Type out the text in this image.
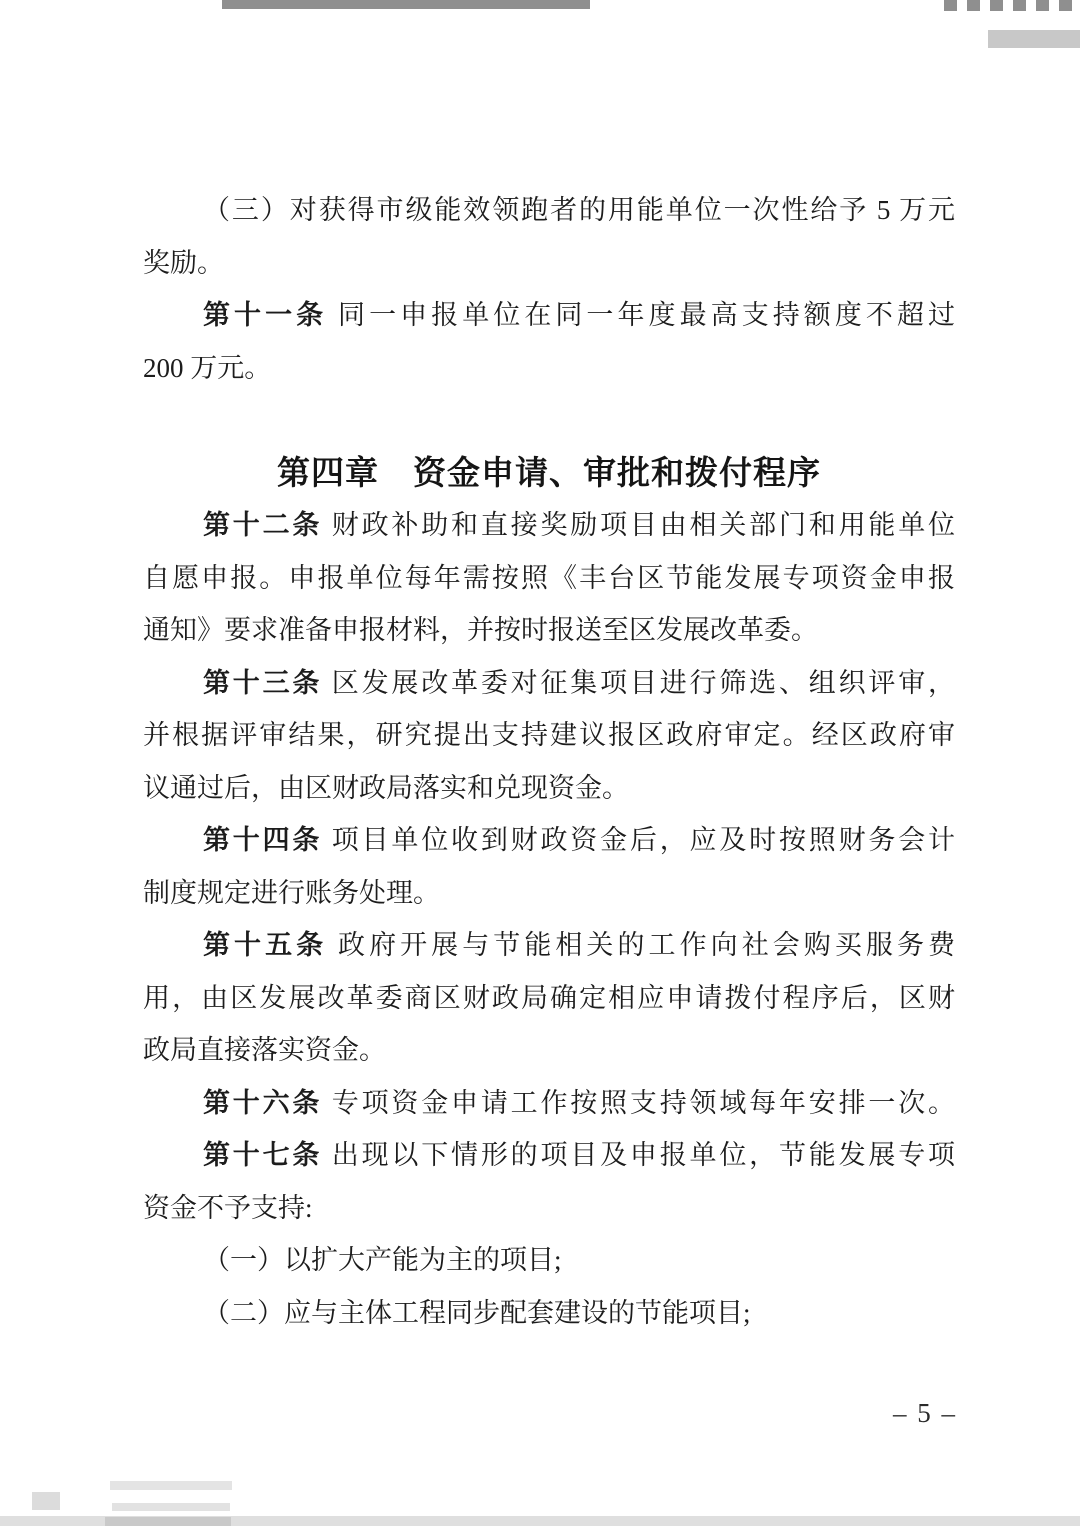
（三）对获得市级能效领跑者的用能单位一次性给予 5 万元
奖励。
第十一条 同一申报单位在同一年度最高支持额度不超过
200 万元。
第四章　资金申请、审批和拨付程序
第十二条 财政补助和直接奖励项目由相关部门和用能单位
自愿申报。申报单位每年需按照《丰台区节能发展专项资金申报
通知》要求准备申报材料，并按时报送至区发展改革委。
第十三条 区发展改革委对征集项目进行筛选、组织评审，
并根据评审结果，研究提出支持建议报区政府审定。经区政府审
议通过后，由区财政局落实和兑现资金。
第十四条 项目单位收到财政资金后，应及时按照财务会计
制度规定进行账务处理。
第十五条 政府开展与节能相关的工作向社会购买服务费
用，由区发展改革委商区财政局确定相应申请拨付程序后，区财
政局直接落实资金。
第十六条 专项资金申请工作按照支持领域每年安排一次。
第十七条 出现以下情形的项目及申报单位，节能发展专项
资金不予支持:
（一）以扩大产能为主的项目;
（二）应与主体工程同步配套建设的节能项目;
– 5 –
